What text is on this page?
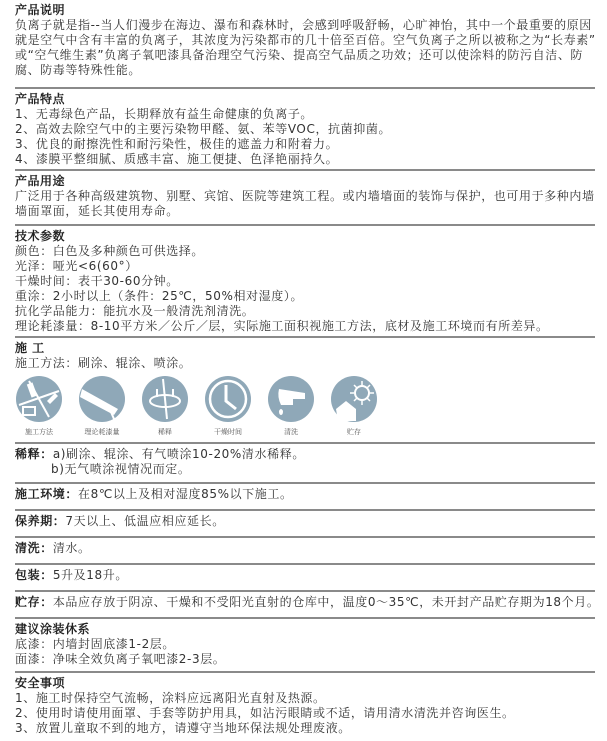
产品说明
负离子就是指--当人们漫步在海边、瀑布和森林时，会感到呼吸舒畅，心旷神怡，其中一个最重要的原因
就是空气中含有丰富的负离子，其浓度为污染都市的几十倍至百倍。空气负离子之所以被称之为“长寿素”
或“空气维生素”负离子氧吧漆具备治理空气污染、提高空气品质之功效；还可以使涂料的防污自洁、防
腐、防毒等特殊性能。
产品特点
1、无毒绿色产品，长期释放有益生命健康的负离子。
2、高效去除空气中的主要污染物甲醛、氨、苯等VOC，抗菌抑菌。
3、优良的耐擦洗性和耐污染性，极佳的遮盖力和附着力。
4、漆膜平整细腻、质感丰富、施工便捷、色泽艳丽持久。
产品用途
广泛用于各种高级建筑物、别墅、宾馆、医院等建筑工程。或内墙墙面的装饰与保护，也可用于多种内墙
墙面罩面，延长其使用寿命。
技术参数
颜色：白色及多种颜色可供选择。
光泽：哑光<6(60°）
干燥时间：表干30-60分钟。
重涂：2小时以上（条件：25℃，50%相对湿度）。
抗化学品能力：能抗水及一般清洗剂清洗。
理论耗漆量：8-10平方米／公斤／层，实际施工面积视施工方法，底材及施工环境而有所差异。
施 工
施工方法：刷涂、辊涂、喷涂。
施工方法	理论耗漆量	稀释	干燥时间	清洗	贮存
稀释： a)刷涂、辊涂、有气喷涂10-20%清水稀释。
b)无气喷涂视情况而定。
施工环境： 在8℃以上及相对湿度85%以下施工。
保养期： 7天以上、低温应相应延长。
清洗： 清水。
包装： 5升及18升。
贮存： 本品应存放于阴凉、干燥和不受阳光直射的仓库中，温度0～35℃，未开封产品贮存期为18个月。
建议涂装休系
底漆：内墙封固底漆1-2层。
面漆：净味全效负离子氧吧漆2-3层。
安全事项
1、施工时保持空气流畅，涂料应远离阳光直射及热源。
2、使用时请使用面罩、手套等防护用具，如沾污眼睛或不适，请用清水清洗并咨询医生。
3、放置儿童取不到的地方，请遵守当地环保法规处理废液。
